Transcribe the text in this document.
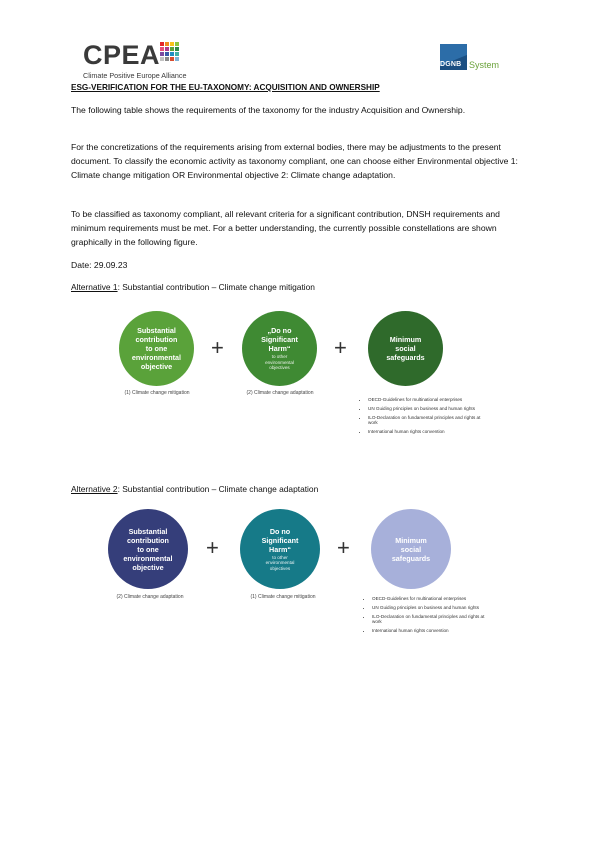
CPEA
Climate Positive Europe Alliance
DGNB System
ESG-VERIFICATION FOR THE EU-TAXONOMY: ACQUISITION AND OWNERSHIP
The following table shows the requirements of the taxonomy for the industry Acquisition and Ownership.
For the concretizations of the requirements arising from external bodies, there may be adjustments to the present document. To classify the economic activity as taxonomy compliant, one can choose either Environmental objective 1: Climate change mitigation OR Environmental objective 2: Climate change adaptation.
To be classified as taxonomy compliant, all relevant criteria for a significant contribution, DNSH requirements and minimum requirements must be met. For a better understanding, the currently possible constellations are shown graphically in the following figure.
Date: 29.09.23
Alternative 1: Substantial contribution – Climate change mitigation
Substantial
contribution
to one
environmental
objective
+
„Do no
Significant
Harm“
to other
environmental
objectives
+	Minimum
social
safeguards
(1) Climate change mitigation	(2) Climate change adaptation
• OECD-Guidelines for multinational enterprises
• UN Guiding principles on business and human rights
• ILO-Declaration on fundamental principles and rights at work
• International human rights convention
Alternative 2: Substantial contribution – Climate change adaptation
Substantial
contribution
to one
environmental
objective
+
Do no
Significant
Harm“
to other
environmental
objectives
+	Minimum
social
safeguards
(2) Climate change adaptation	(1) Climate change mitigation
•	OECD-Guidelines for multinational enterprises
• UN Guiding principles on business and human rights
• ILO-Declaration on fundamental principles and rights at work
• International human rights convention
